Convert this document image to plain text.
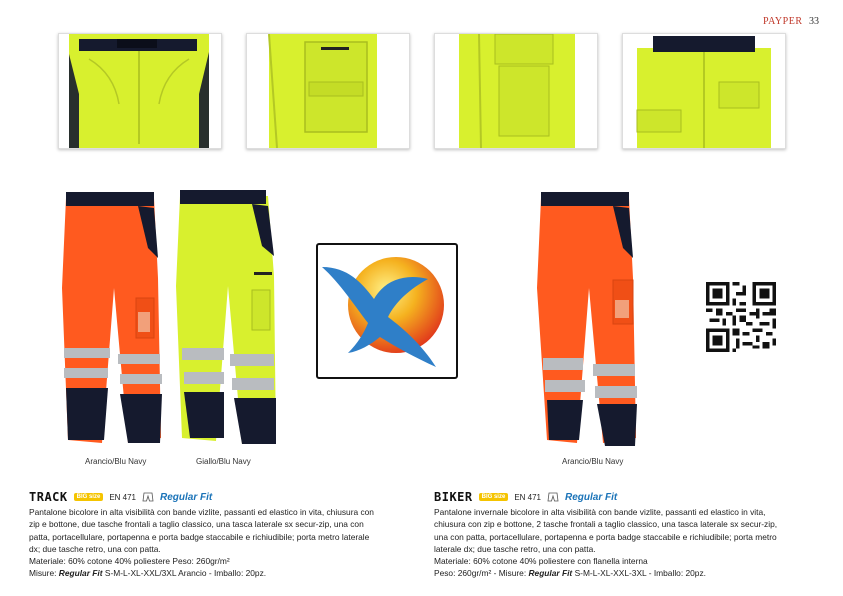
PAYPER 33
Arancio/Blu Navy	Giallo/Blu Navy	Arancio/Blu Navy
TRACK	BIG size	EN 471 Regular Fit

Pantalone bicolore in alta visibilità con bande vizlite, passanti ed elastico in vita, chiusura con zip e bottone, due tasche frontali a taglio classico, una tasca laterale sx secur-zip, una con patta, portacellulare, portapenna e porta badge staccabile e richiudibile; porta metro laterale dx; due tasche retro, una con patta.

Materiale: 60% cotone 40% poliestere Peso: 260gr/m²

Misure: Regular Fit S-M-L-XL-XXL/3XL Arancio - Imballo: 20pz.

BIKER	BIG size	EN 471 Regular Fit

Pantalone invernale bicolore in alta visibilità con bande vizlite, passanti ed elastico in vita, chiusura con zip e bottone, 2 tasche frontali a taglio classico, una tasca laterale sx secur-zip, una con patta, portacellulare, portapenna e porta badge staccabile e richiudibile; porta metro laterale dx; due tasche retro, una con patta.

Materiale: 60% cotone 40% poliestere con flanella interna

Peso: 260gr/m² - Misure: Regular Fit S-M-L-XL-XXL-3XL - Imballo: 20pz.
